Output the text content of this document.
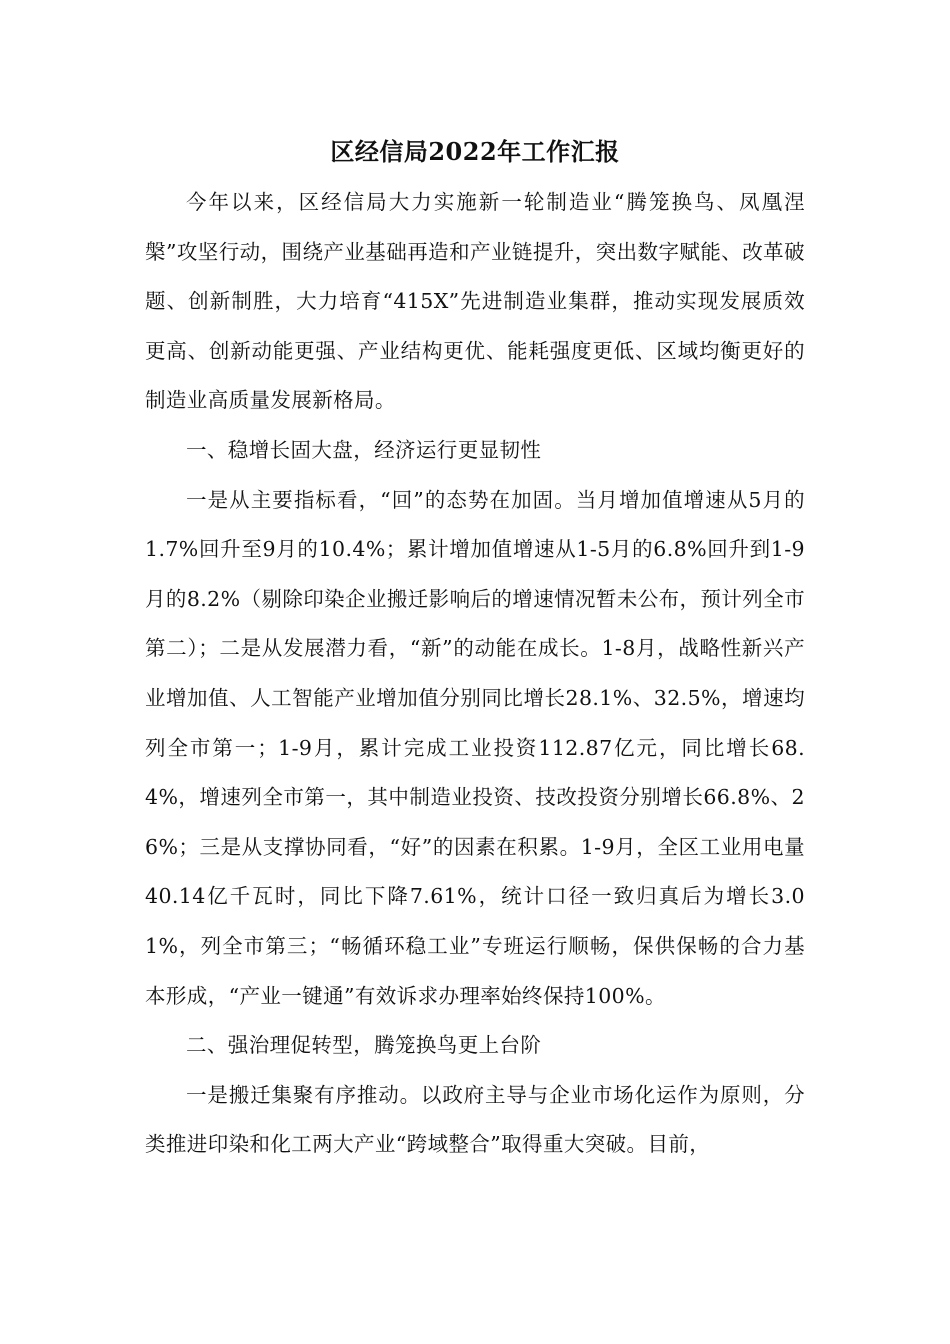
区经信局2022年工作汇报

今年以来，区经信局大力实施新一轮制造业“腾笼换鸟、凤凰涅槃”攻坚行动，围绕产业基础再造和产业链提升，突出数字赋能、改革破题、创新制胜，大力培育“415X”先进制造业集群，推动实现发展质效更高、创新动能更强、产业结构更优、能耗强度更低、区域均衡更好的制造业高质量发展新格局。

一、稳增长固大盘，经济运行更显韧性

一是从主要指标看，“回”的态势在加固。当月增加值增速从5月的1.7%回升至9月的10.4%；累计增加值增速从1-5月的6.8%回升到1-9月的8.2%（剔除印染企业搬迁影响后的增速情况暂未公布，预计列全市第二）；二是从发展潜力看，“新”的动能在成长。1-8月，战略性新兴产业增加值、人工智能产业增加值分别同比增长28.1%、32.5%，增速均列全市第一；1-9月，累计完成工业投资112.87亿元，同比增长68.4%，增速列全市第一，其中制造业投资、技改投资分别增长66.8%、26%；三是从支撑协同看，“好”的因素在积累。1-9月，全区工业用电量40.14亿千瓦时，同比下降7.61%，统计口径一致归真后为增长3.01%，列全市第三；“畅循环稳工业”专班运行顺畅，保供保畅的合力基本形成，“产业一键通”有效诉求办理率始终保持100%。

二、强治理促转型，腾笼换鸟更上台阶

一是搬迁集聚有序推动。以政府主导与企业市场化运作为原则，分类推进印染和化工两大产业“跨域整合”取得重大突破。目前，
